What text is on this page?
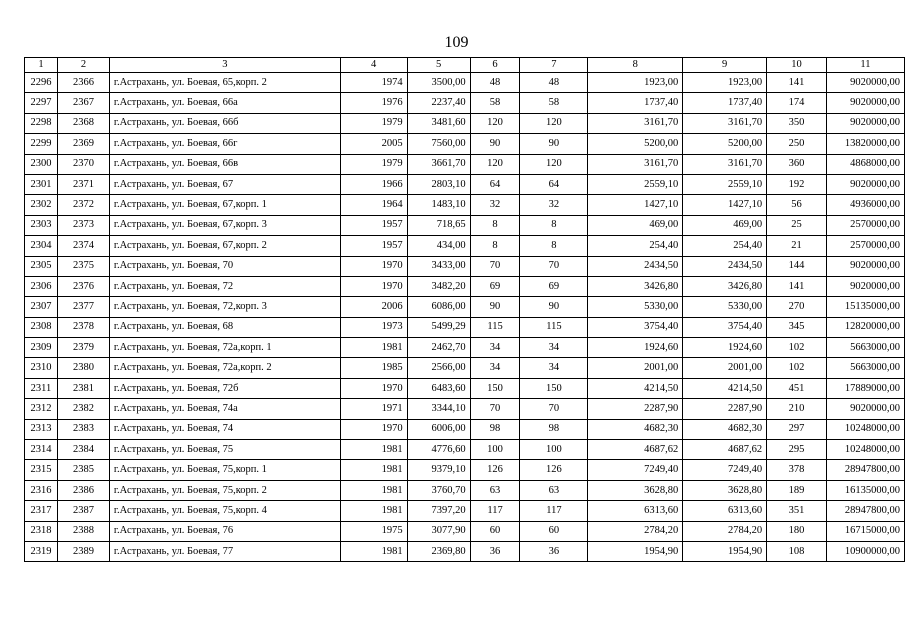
109
1	2	3	4	5	6	7	8	9	10	11
2296	2366	г.Астрахань, ул. Боевая, 65,корп. 2	1974	3500,00	48	48	1923,00	1923,00	141	9020000,00
2297	2367	г.Астрахань, ул. Боевая, 66а	1976	2237,40	58	58	1737,40	1737,40	174	9020000,00
2298	2368	г.Астрахань, ул. Боевая, 66б	1979	3481,60	120	120	3161,70	3161,70	350	9020000,00
2299	2369	г.Астрахань, ул. Боевая, 66г	2005	7560,00	90	90	5200,00	5200,00	250	13820000,00
2300	2370	г.Астрахань, ул. Боевая, 66в	1979	3661,70	120	120	3161,70	3161,70	360	4868000,00
2301	2371	г.Астрахань, ул. Боевая, 67	1966	2803,10	64	64	2559,10	2559,10	192	9020000,00
2302	2372	г.Астрахань, ул. Боевая, 67,корп. 1	1964	1483,10	32	32	1427,10	1427,10	56	4936000,00
2303	2373	г.Астрахань, ул. Боевая, 67,корп. 3	1957	718,65	8	8	469,00	469,00	25	2570000,00
2304	2374	г.Астрахань, ул. Боевая, 67,корп. 2	1957	434,00	8	8	254,40	254,40	21	2570000,00
2305	2375	г.Астрахань, ул. Боевая, 70	1970	3433,00	70	70	2434,50	2434,50	144	9020000,00
2306	2376	г.Астрахань, ул. Боевая, 72	1970	3482,20	69	69	3426,80	3426,80	141	9020000,00
2307	2377	г.Астрахань, ул. Боевая, 72,корп. 3	2006	6086,00	90	90	5330,00	5330,00	270	15135000,00
2308	2378	г.Астрахань, ул. Боевая, 68	1973	5499,29	115	115	3754,40	3754,40	345	12820000,00
2309	2379	г.Астрахань, ул. Боевая, 72а,корп. 1	1981	2462,70	34	34	1924,60	1924,60	102	5663000,00
2310	2380	г.Астрахань, ул. Боевая, 72а,корп. 2	1985	2566,00	34	34	2001,00	2001,00	102	5663000,00
2311	2381	г.Астрахань, ул. Боевая, 72б	1970	6483,60	150	150	4214,50	4214,50	451	17889000,00
2312	2382	г.Астрахань, ул. Боевая, 74а	1971	3344,10	70	70	2287,90	2287,90	210	9020000,00
2313	2383	г.Астрахань, ул. Боевая, 74	1970	6006,00	98	98	4682,30	4682,30	297	10248000,00
2314	2384	г.Астрахань, ул. Боевая, 75	1981	4776,60	100	100	4687,62	4687,62	295	10248000,00
2315	2385	г.Астрахань, ул. Боевая, 75,корп. 1	1981	9379,10	126	126	7249,40	7249,40	378	28947800,00
2316	2386	г.Астрахань, ул. Боевая, 75,корп. 2	1981	3760,70	63	63	3628,80	3628,80	189	16135000,00
2317	2387	г.Астрахань, ул. Боевая, 75,корп. 4	1981	7397,20	117	117	6313,60	6313,60	351	28947800,00
2318	2388	г.Астрахань, ул. Боевая, 76	1975	3077,90	60	60	2784,20	2784,20	180	16715000,00
2319	2389	г.Астрахань, ул. Боевая, 77	1981	2369,80	36	36	1954,90	1954,90	108	10900000,00
